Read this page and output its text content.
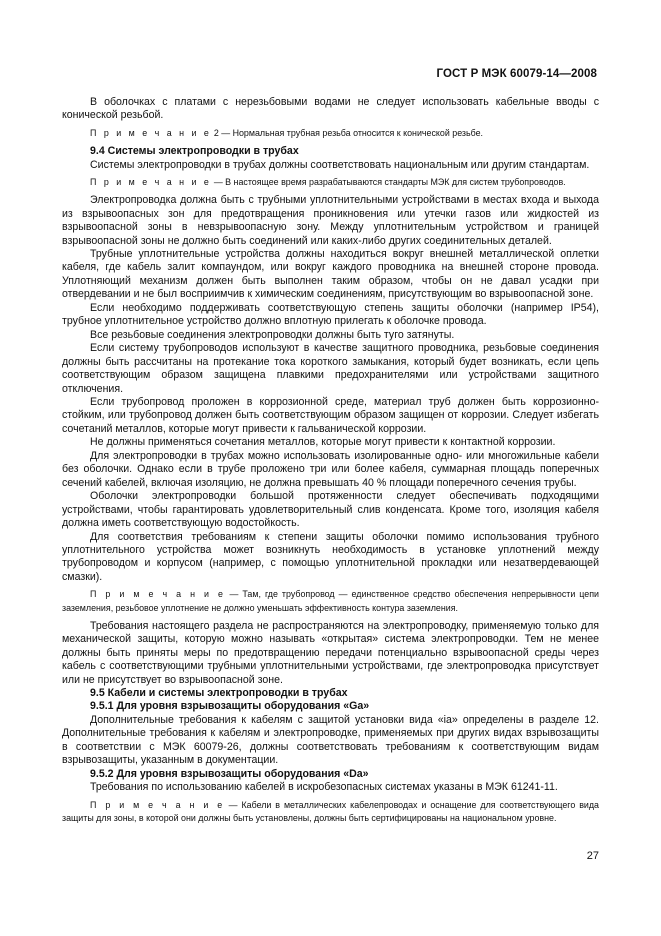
ГОСТ Р МЭК 60079-14—2008

В оболочках с платами с нерезьбовыми водами не следует использовать кабельные вводы с конической резьбой.

П р и м е ч а н и е 2 — Нормальная трубная резьба относится к конической резьбе.

9.4 Системы электропроводки в трубах

Системы электропроводки в трубах должны соответствовать национальным или другим стандартам.

П р и м е ч а н и е — В настоящее время разрабатываются стандарты МЭК для систем трубопроводов.

Электропроводка должна быть с трубными уплотнительными устройствами в местах входа и выхода из взрывоопасных зон для предотвращения проникновения или утечки газов или жидкостей из взрывоопасной зоны в невзрывоопасную зону. Между уплотнительным устройством и границей взрывоопасной зоны не должно быть соединений или каких-либо других соединительных деталей.

Трубные уплотнительные устройства должны находиться вокруг внешней металлической оплетки кабеля, где кабель залит компаундом, или вокруг каждого проводника на внешней стороне провода. Уплотняющий механизм должен быть выполнен таким образом, чтобы он не давал усадки при отвердевании и не был восприимчив к химическим соединениям, присутствующим во взрывоопасной зоне.

Если необходимо поддерживать соответствующую степень защиты оболочки (например IP54), трубное уплотнительное устройство должно вплотную прилегать к оболочке провода.

Все резьбовые соединения электропроводки должны быть туго затянуты.

Если систему трубопроводов используют в качестве защитного проводника, резьбовые соединения должны быть рассчитаны на протекание тока короткого замыкания, который будет возникать, если цепь соответствующим образом защищена плавкими предохранителями или устройствами защитного отключения.

Если трубопровод проложен в коррозионной среде, материал труб должен быть коррозионно-стойким, или трубопровод должен быть соответствующим образом защищен от коррозии. Следует избегать сочетаний металлов, которые могут привести к гальванической коррозии.

Не должны применяться сочетания металлов, которые могут привести к контактной коррозии.

Для электропроводки в трубах можно использовать изолированные одно- или многожильные кабели без оболочки. Однако если в трубе проложено три или более кабеля, суммарная площадь поперечных сечений кабелей, включая изоляцию, не должна превышать 40 % площади поперечного сечения трубы.

Оболочки электропроводки большой протяженности следует обеспечивать подходящими устройствами, чтобы гарантировать удовлетворительный слив конденсата. Кроме того, изоляция кабеля должна иметь соответствующую водостойкость.

Для соответствия требованиям к степени защиты оболочки помимо использования трубного уплотнительного устройства может возникнуть необходимость в установке уплотнений между трубопроводом и корпусом (например, с помощью уплотнительной прокладки или незатвердевающей смазки).

П р и м е ч а н и е — Там, где трубопровод — единственное средство обеспечения непрерывности цепи заземления, резьбовое уплотнение не должно уменьшать эффективность контура заземления.

Требования настоящего раздела не распространяются на электропроводку, применяемую только для механической защиты, которую можно называть «открытая» система электропроводки. Тем не менее должны быть приняты меры по предотвращению передачи потенциально взрывоопасной среды через кабель с соответствующими трубными уплотнительными устройствами, где электропроводка присутствует или не присутствует во взрывоопасной зоне.

9.5 Кабели и системы электропроводки в трубах
9.5.1 Для уровня взрывозащиты оборудования «Ga»

Дополнительные требования к кабелям с защитой установки вида «ia» определены в разделе 12. Дополнительные требования к кабелям и электропроводке, применяемых при других видах взрывозащиты в соответствии с МЭК 60079-26, должны соответствовать требованиям к соответствующим видам взрывозащиты, указанным в документации.

9.5.2 Для уровня взрывозащиты оборудования «Da»

Требования по использованию кабелей в искробезопасных системах указаны в МЭК 61241-11.

П р и м е ч а н и е — Кабели в металлических кабелепроводах и оснащение для соответствующего вида защиты для зоны, в которой они должны быть установлены, должны быть сертифицированы на национальном уровне.

27
